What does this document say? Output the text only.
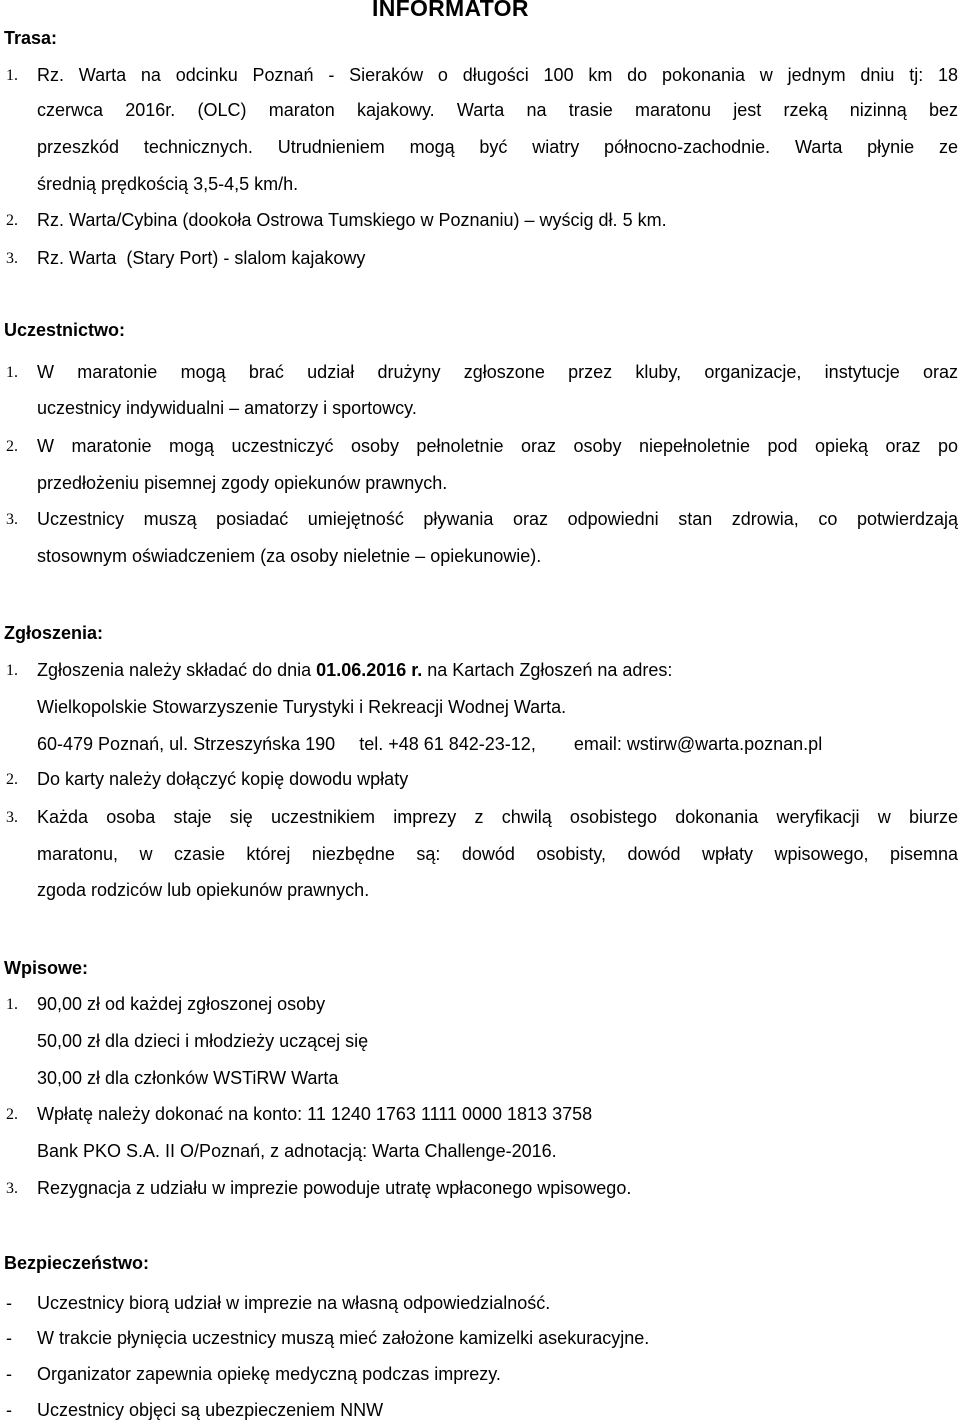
INFORMATOR
Trasa:
1. Rz. Warta na odcinku Poznań - Sieraków o długości 100 km do pokonania w jednym dniu tj: 18
czerwca 2016r. (OLC) maraton kajakowy. Warta na trasie maratonu jest rzeką nizinną bez
przeszkód technicznych. Utrudnieniem mogą być wiatry północno-zachodnie. Warta płynie ze
średnią prędkością 3,5-4,5 km/h.
2. Rz. Warta/Cybina (dookoła Ostrowa Tumskiego w Poznaniu) – wyścig dł. 5 km.
3. Rz. Warta  (Stary Port) - slalom kajakowy
Uczestnictwo:
1. W maratonie mogą brać udział drużyny zgłoszone przez kluby, organizacje, instytucje oraz
uczestnicy indywidualni – amatorzy i sportowcy.
2. W maratonie mogą uczestniczyć osoby pełnoletnie oraz osoby niepełnoletnie pod opieką oraz po
przedłożeniu pisemnej zgody opiekunów prawnych.
3. Uczestnicy muszą posiadać umiejętność pływania oraz odpowiedni stan zdrowia, co potwierdzają
stosownym oświadczeniem (za osoby nieletnie – opiekunowie).
Zgłoszenia:
1. Zgłoszenia należy składać do dnia 01.06.2016 r. na Kartach Zgłoszeń na adres:
Wielkopolskie Stowarzyszenie Turystyki i Rekreacji Wodnej Warta.
60-479 Poznań, ul. Strzeszyńska 190 tel. +48 61 842-23-12, email: wstirw@warta.poznan.pl
2. Do karty należy dołączyć kopię dowodu wpłaty
3. Każda osoba staje się uczestnikiem imprezy z chwilą osobistego dokonania weryfikacji w biurze
maratonu, w czasie której niezbędne są: dowód osobisty, dowód wpłaty wpisowego, pisemna
zgoda rodziców lub opiekunów prawnych.
Wpisowe:
1. 90,00 zł od każdej zgłoszonej osoby
50,00 zł dla dzieci i młodzieży uczącej się
30,00 zł dla członków WSTiRW Warta
2. Wpłatę należy dokonać na konto: 11 1240 1763 1111 0000 1813 3758
Bank PKO S.A. II O/Poznań, z adnotacją: Warta Challenge-2016.
3. Rezygnacja z udziału w imprezie powoduje utratę wpłaconego wpisowego.
Bezpieczeństwo:
- Uczestnicy biorą udział w imprezie na własną odpowiedzialność.
- W trakcie płynięcia uczestnicy muszą mieć założone kamizelki asekuracyjne.
- Organizator zapewnia opiekę medyczną podczas imprezy.
- Uczestnicy objęci są ubezpieczeniem NNW
